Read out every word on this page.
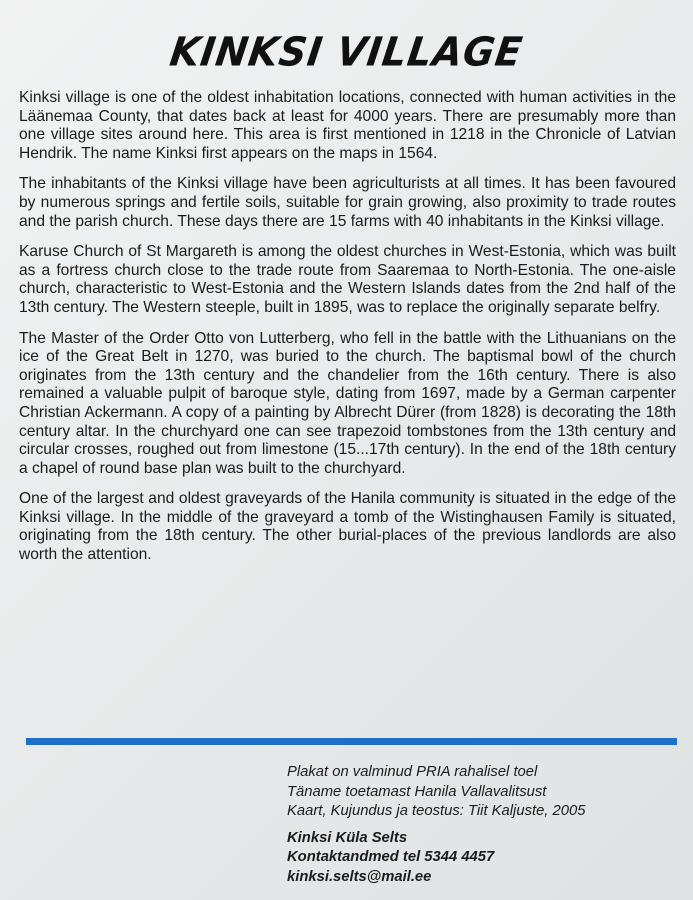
KINKSI VILLAGE

Kinksi village is one of the oldest inhabitation locations, connected with human activities in the Läänemaa County, that dates back at least for 4000 years. There are presumably more than one village sites around here. This area is first mentioned in 1218 in the Chronicle of Latvian Hendrik. The name Kinksi first appears on the maps in 1564.

The inhabitants of the Kinksi village have been agriculturists at all times. It has been favoured by numerous springs and fertile soils, suitable for grain growing, also proximity to trade routes and the parish church. These days there are 15 farms with 40 inhabitants in the Kinksi village.

Karuse Church of St Margareth is among the oldest churches in West-Estonia, which was built as a fortress church close to the trade route from Saaremaa to North-Estonia. The one-aisle church, characteristic to West-Estonia and the Western Islands dates from the 2nd half of the 13th century. The Western steeple, built in 1895, was to replace the originally separate belfry.

The Master of the Order Otto von Lutterberg, who fell in the battle with the Lithuanians on the ice of the Great Belt in 1270, was buried to the church. The baptismal bowl of the church originates from the 13th century and the chandelier from the 16th century. There is also remained a valuable pulpit of baroque style, dating from 1697, made by a German carpenter Christian Ackermann. A copy of a painting by Albrecht Dürer (from 1828) is decorating the 18th century altar. In the churchyard one can see trapezoid tombstones from the 13th century and circular crosses, roughed out from limestone (15...17th century). In the end of the 18th century a chapel of round base plan was built to the churchyard.

One of the largest and oldest graveyards of the Hanila community is situated in the edge of the Kinksi village. In the middle of the graveyard a tomb of the Wistinghausen Family is situated, originating from the 18th century. The other burial-places of the previous landlords are also worth the attention.

Plakat on valminud PRIA rahalisel toel
Täname toetamast Hanila Vallavalitsust
Kaart, Kujundus ja teostus: Tiit Kaljuste, 2005
Kinksi Küla Selts
Kontaktandmed tel 5344 4457
kinksi.selts@mail.ee
